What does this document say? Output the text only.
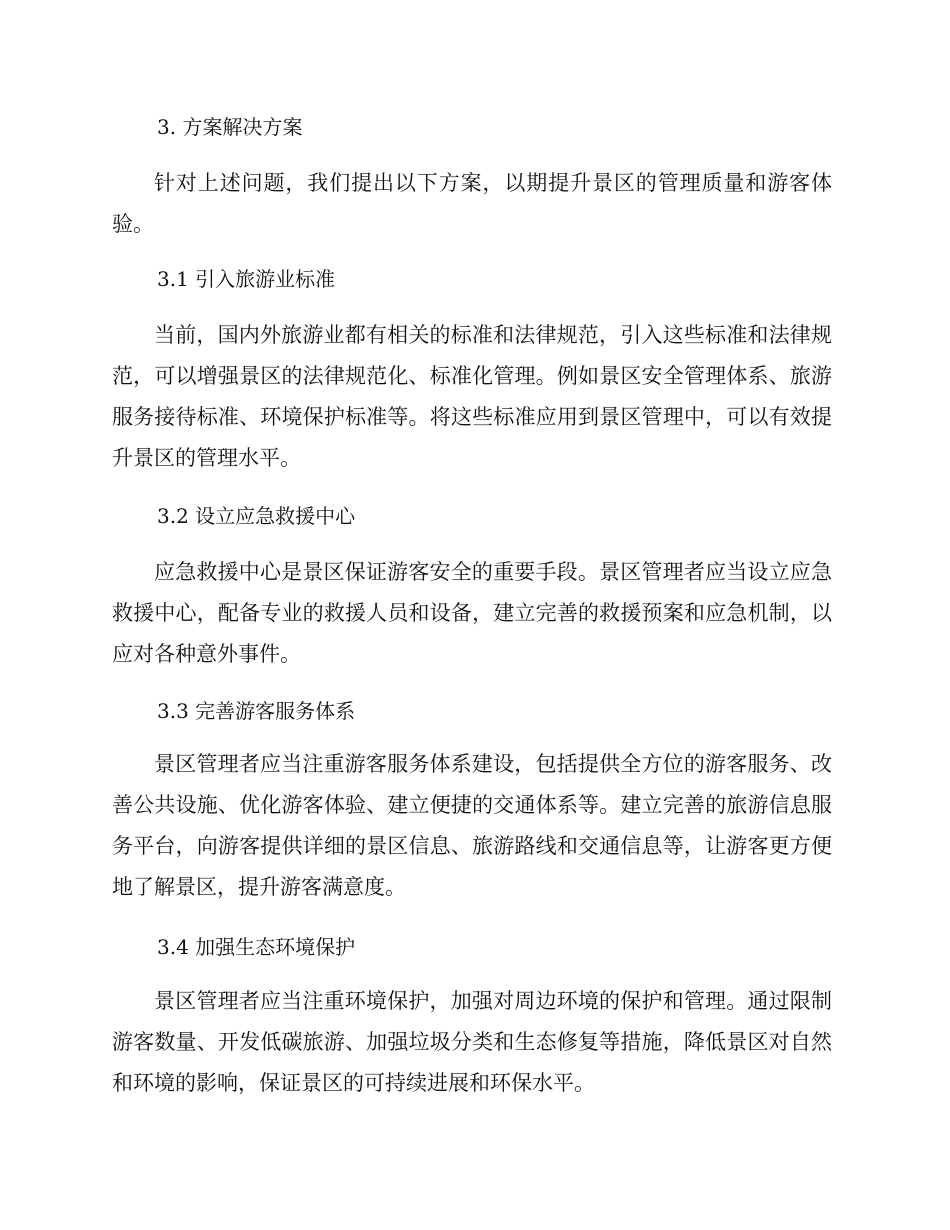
3. 方案解决方案

针对上述问题，我们提出以下方案，以期提升景区的管理质量和游客体验。

3.1 引入旅游业标准

当前，国内外旅游业都有相关的标准和法律规范，引入这些标准和法律规范，可以增强景区的法律规范化、标准化管理。例如景区安全管理体系、旅游服务接待标准、环境保护标准等。将这些标准应用到景区管理中，可以有效提升景区的管理水平。

3.2 设立应急救援中心

应急救援中心是景区保证游客安全的重要手段。景区管理者应当设立应急救援中心，配备专业的救援人员和设备，建立完善的救援预案和应急机制，以应对各种意外事件。

3.3 完善游客服务体系

景区管理者应当注重游客服务体系建设，包括提供全方位的游客服务、改善公共设施、优化游客体验、建立便捷的交通体系等。建立完善的旅游信息服务平台，向游客提供详细的景区信息、旅游路线和交通信息等，让游客更方便地了解景区，提升游客满意度。

3.4 加强生态环境保护

景区管理者应当注重环境保护，加强对周边环境的保护和管理。通过限制游客数量、开发低碳旅游、加强垃圾分类和生态修复等措施，降低景区对自然和环境的影响，保证景区的可持续进展和环保水平。
